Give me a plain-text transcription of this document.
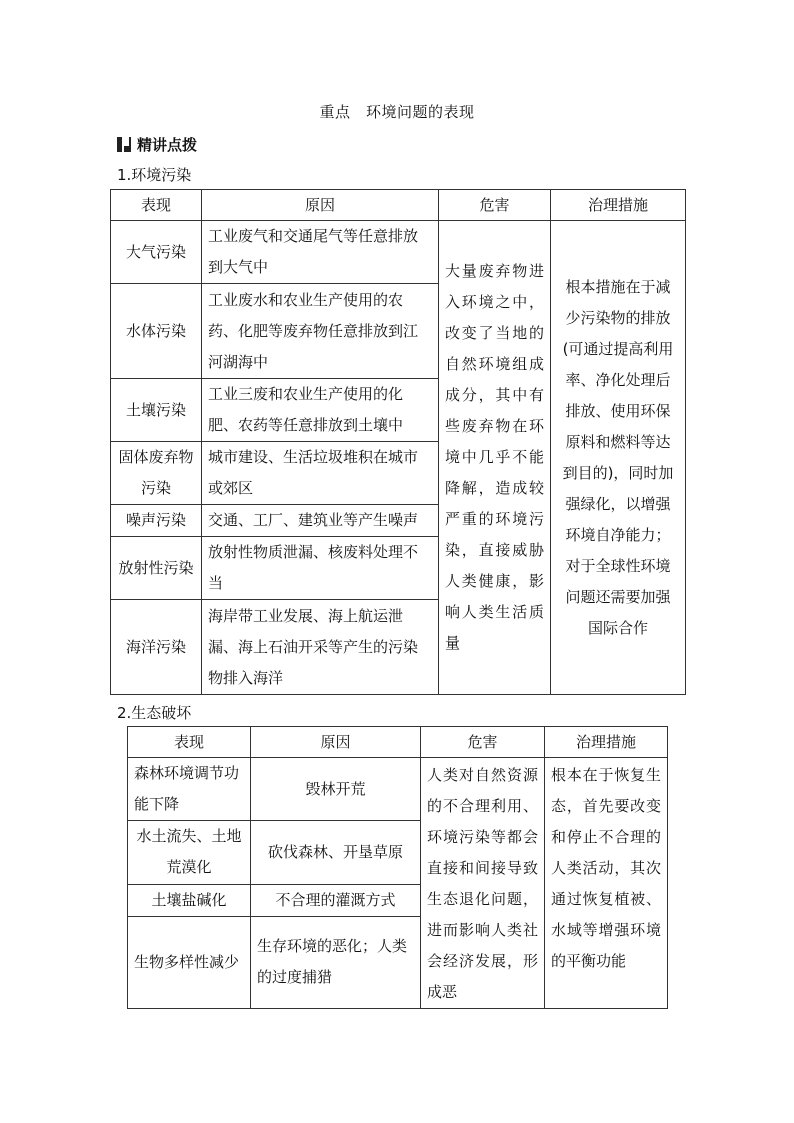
重点　环境问题的表现
精讲点拨
1.环境污染
表现	原因	危害	治理措施
大气污染	工业废气和交通尾气等任意排放到大气中	大量废弃物进入环境之中，改变了当地的自然环境组成成分，其中有些废弃物在环境中几乎不能降解，造成较严重的环境污染，直接威胁人类健康，影响人类生活质量	根本措施在于减少污染物的排放(可通过提高利用率、净化处理后排放、使用环保原料和燃料等达到目的)，同时加强绿化，以增强环境自净能力；对于全球性环境问题还需要加强国际合作
水体污染	工业废水和农业生产使用的农药、化肥等废弃物任意排放到江河湖海中		
土壤污染	工业三废和农业生产使用的化肥、农药等任意排放到土壤中		
固体废弃物污染	城市建设、生活垃圾堆积在城市或郊区		
噪声污染	交通、工厂、建筑业等产生噪声		
放射性污染	放射性物质泄漏、核废料处理不当		
海洋污染	海岸带工业发展、海上航运泄漏、海上石油开采等产生的污染物排入海洋		
2.生态破坏
表现	原因	危害	治理措施
森林环境调节功能下降	毁林开荒	人类对自然资源的不合理利用、环境污染等都会直接和间接导致生态退化问题，进而影响人类社会经济发展，形成恶	根本在于恢复生态，首先要改变和停止不合理的人类活动，其次通过恢复植被、水域等增强环境的平衡功能
水土流失、土地荒漠化	砍伐森林、开垦草原		
土壤盐碱化	不合理的灌溉方式		
生物多样性减少	生存环境的恶化；人类的过度捕猎		
